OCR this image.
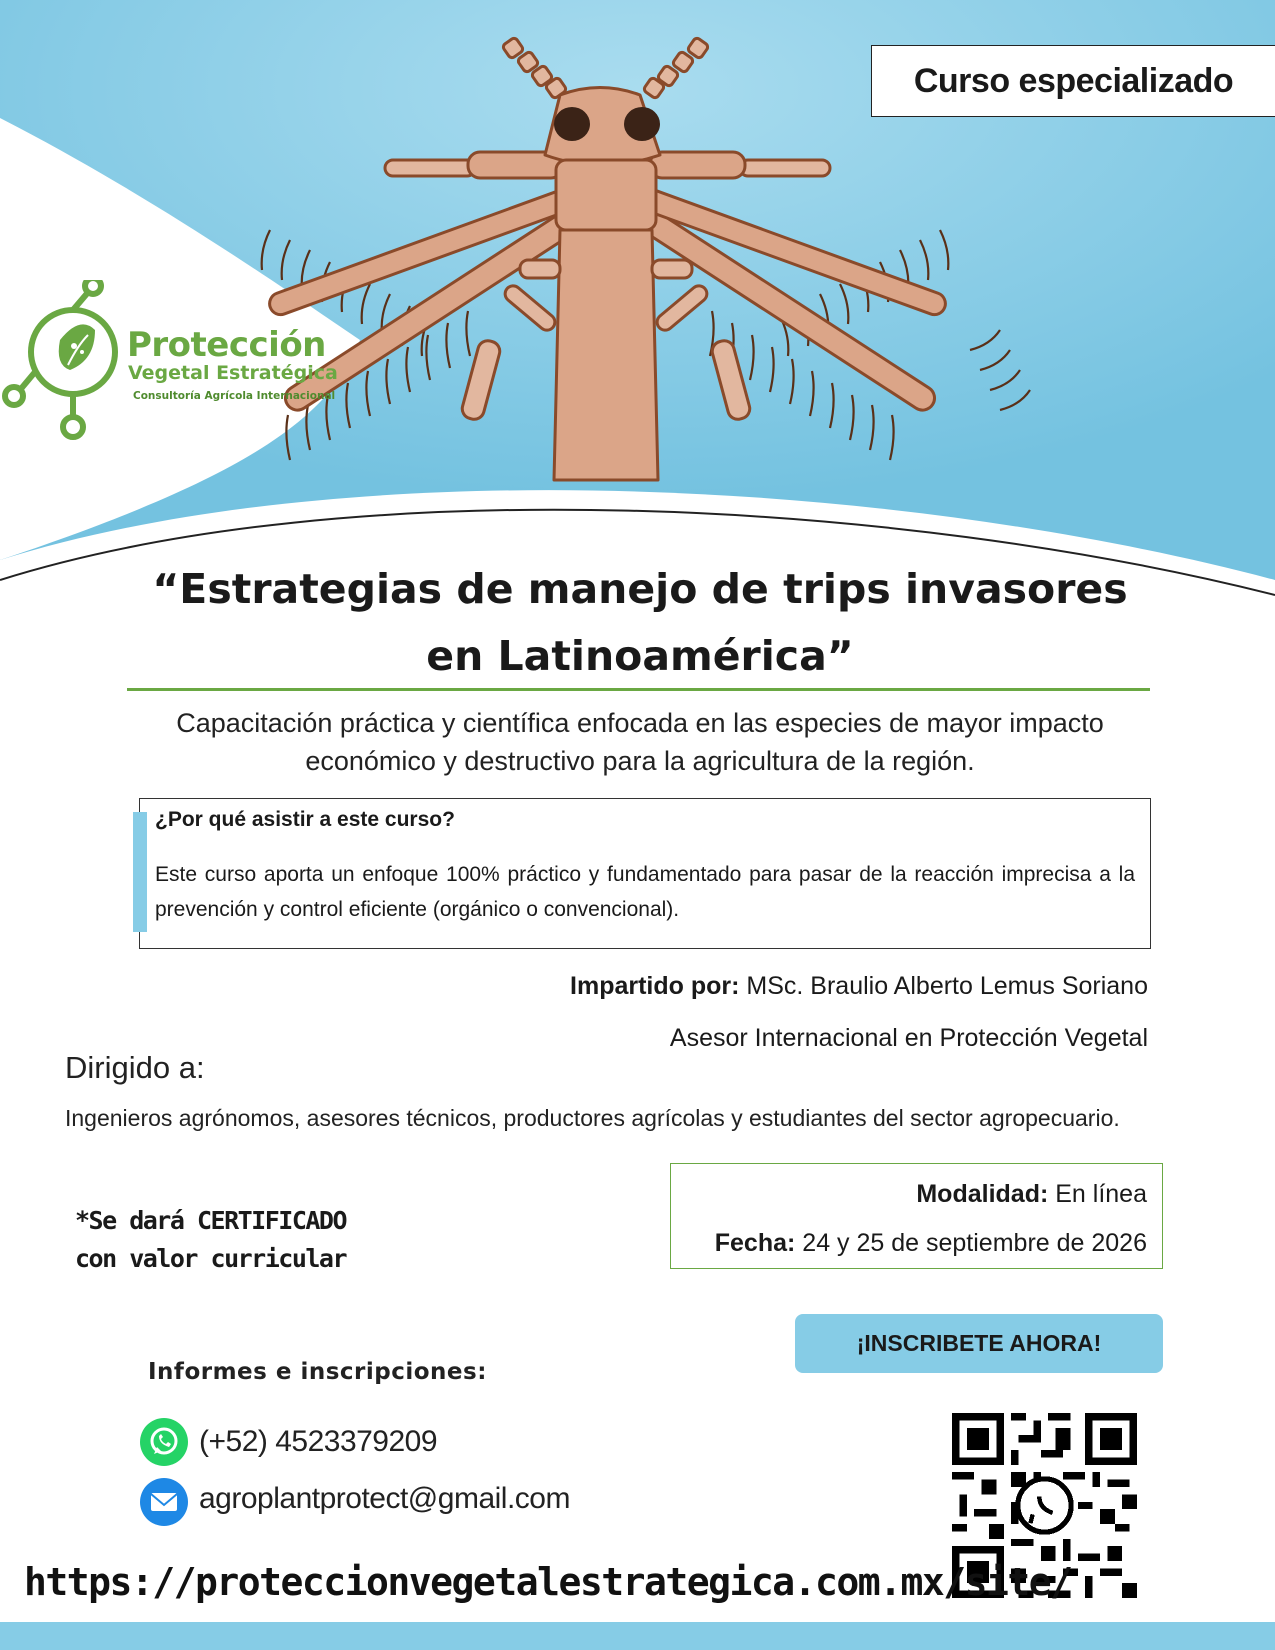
Protección
Vegetal Estratégica
Consultoría Agrícola Internacional
Curso especializado
“Estrategias de manejo de trips invasores
en Latinoamérica”
Capacitación práctica y científica enfocada en las especies de mayor impacto
económico y destructivo para la agricultura de la región.
¿Por qué asistir a este curso?
Este curso aporta un enfoque 100% práctico y fundamentado para pasar de la reacción imprecisa a la prevención y control eficiente (orgánico o convencional).
Impartido por: MSc. Braulio Alberto Lemus Soriano
Asesor Internacional en Protección Vegetal
Dirigido a:
Ingenieros agrónomos, asesores técnicos, productores agrícolas y estudiantes del sector agropecuario.
*Se dará CERTIFICADO
con valor curricular
Modalidad: En línea
Fecha: 24 y 25 de septiembre de 2026
¡INSCRIBETE AHORA!
Informes e inscripciones:
(+52) 4523379209
agroplantprotect@gmail.com
https://proteccionvegetalestrategica.com.mx/site/
